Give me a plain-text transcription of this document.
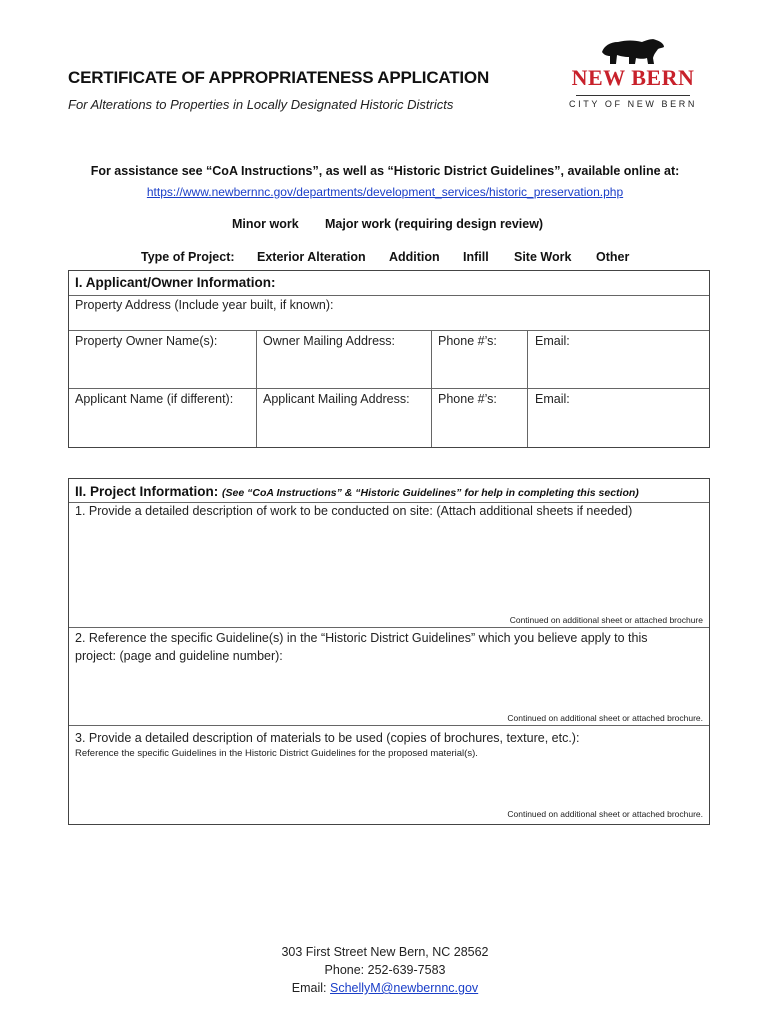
CERTIFICATE OF APPROPRIATENESS APPLICATION
For Alterations to Properties in Locally Designated Historic Districts
NEW BERN
CITY OF NEW BERN
For assistance see “CoA Instructions”, as well as “Historic District Guidelines”, available online at:
https://www.newbernnc.gov/departments/development_services/historic_preservation.php
Minor work Major work (requiring design review)
Type of Project: Exterior Alteration Addition Infill Site Work Other
I. Applicant/Owner Information:
Property Address (Include year built, if known):
Property Owner Name(s):	Owner Mailing Address:	Phone #’s:	Email:
Applicant Name (if different): Applicant Mailing Address: Phone #’s:	Email:
II. Project Information: (See “CoA Instructions” & “Historic Guidelines” for help in completing this section)
1. Provide a detailed description of work to be conducted on site: (Attach additional sheets if needed)
Continued on additional sheet or attached brochure
2. Reference the specific Guideline(s) in the “Historic District Guidelines” which you believe apply to this
project: (page and guideline number):
Continued on additional sheet or attached brochure.
3. Provide a detailed description of materials to be used (copies of brochures, texture, etc.):
Reference the specific Guidelines in the Historic District Guidelines for the proposed material(s).
Continued on additional sheet or attached brochure.
303 First Street New Bern, NC 28562
Phone: 252-639-7583
Email: SchellyM@newbernnc.gov
